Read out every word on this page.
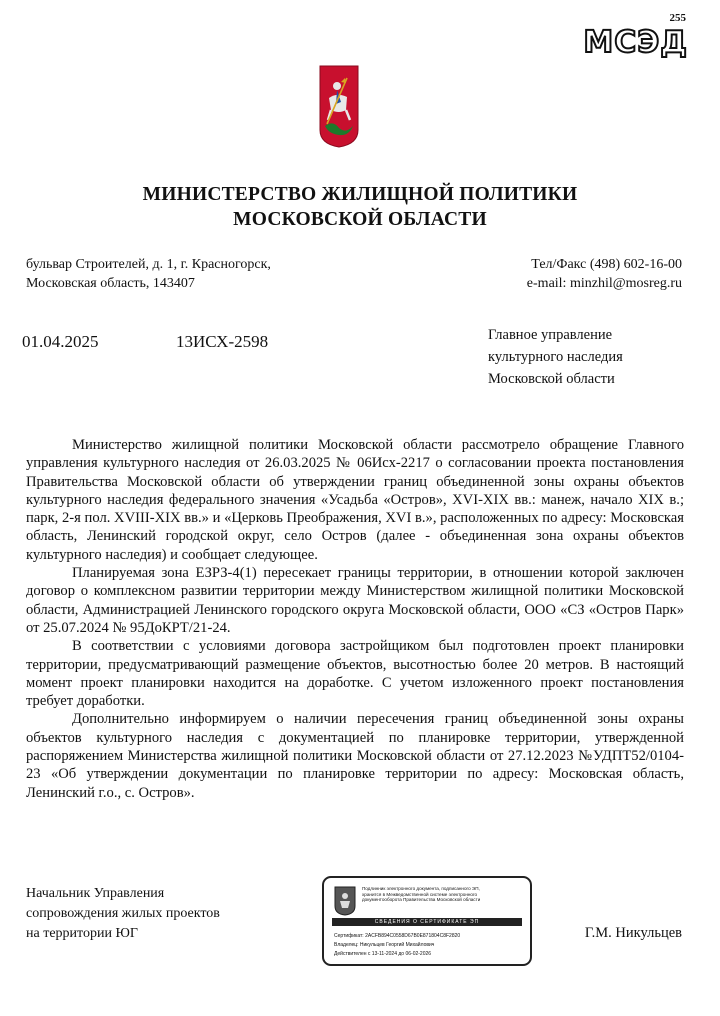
255
МСЭД
МИНИСТЕРСТВО ЖИЛИЩНОЙ ПОЛИТИКИ
МОСКОВСКОЙ ОБЛАСТИ
бульвар Строителей, д. 1, г. Красногорск,
Московская область, 143407
Тел/Факс (498) 602-16-00
e-mail: minzhil@mosreg.ru
01.04.2025	13ИСХ-2598	Главное управление
культурного наследия
Московской области

Министерство жилищной политики Московской области рассмотрело обращение Главного управления культурного наследия от 26.03.2025 № 06Исх-2217 о согласовании проекта постановления Правительства Московской области об утверждении границ объединенной зоны охраны объектов культурного наследия федерального значения «Усадьба «Остров», XVI-XIX вв.: манеж, начало XIX в.; парк, 2-я пол. XVIII-XIX вв.» и «Церковь Преображения, XVI в.», расположенных по адресу: Московская область, Ленинский городской округ, село Остров (далее - объединенная зона охраны объектов культурного наследия) и сообщает следующее.

Планируемая зона ЕЗРЗ-4(1) пересекает границы территории, в отношении которой заключен договор о комплексном развитии территории между Министерством жилищной политики Московской области, Администрацией Ленинского городского округа Московской области, ООО «СЗ «Остров Парк» от 25.07.2024 № 95ДоКРТ/21-24.

В соответствии с условиями договора застройщиком был подготовлен проект планировки территории, предусматривающий размещение объектов, высотностью более 20 метров. В настоящий момент проект планировки находится на доработке. С учетом изложенного проект постановления требует доработки.

Дополнительно информируем о наличии пересечения границ объединенной зоны охраны объектов культурного наследия с документацией по планировке территории, утвержденной распоряжением Министерства жилищной политики Московской области от 27.12.2023 №УДПТ52/0104-23 «Об утверждении документации по планировке территории по адресу: Московская область, Ленинский г.о., с. Остров».

Начальник Управления
сопровождения жилых проектов
на территории ЮГ
Подлинник электронного документа, подписанного ЭП,
хранится в Межведомственной системе электронного
документооборота Правительства Московской области
СВЕДЕНИЯ О СЕРТИФИКАТЕ ЭП
Сертификат: 2ACFB894C0558D67B0E871804C8F2820
Владелец: Никульцев Георгий Михайлович
Действителен с 13-11-2024 до 06-02-2026
Г.М. Никульцев
